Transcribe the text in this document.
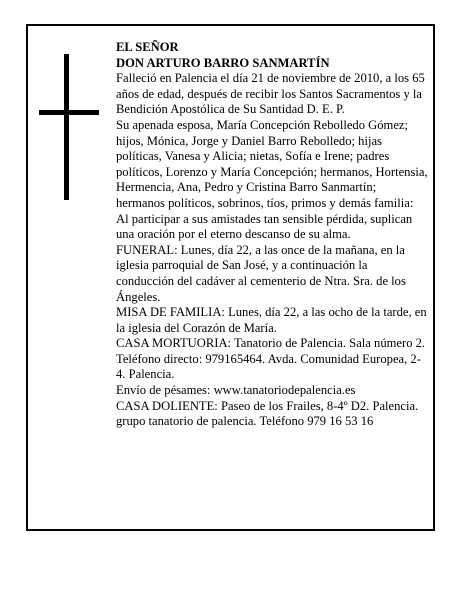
EL SEÑOR

DON ARTURO BARRO SANMARTÍN

Falleció en Palencia el día 21 de noviembre de 2010, a los 65 años de edad, después de recibir los Santos Sacramentos y la Bendición Apostólica de Su Santidad D. E. P.

Su apenada esposa, María Concepción Rebolledo Gómez; hijos, Mónica, Jorge y Daniel Barro Rebolledo; hijas políticas, Vanesa y Alicia; nietas, Sofía e Irene; padres políticos, Lorenzo y María Concepción; hermanos, Hortensia, Hermencia, Ana, Pedro y Cristina Barro Sanmartín; hermanos políticos, sobrinos, tíos, primos y demás familia:

Al participar a sus amistades tan sensible pérdida, suplican una oración por el eterno descanso de su alma.

FUNERAL: Lunes, día 22, a las once de la mañana, en la iglesia parroquial de San José, y a continuación la conducción del cadáver al cementerio de Ntra. Sra. de los Ángeles.

MISA DE FAMILIA: Lunes, día 22, a las ocho de la tarde, en la iglesia del Corazón de María.

CASA MORTUORIA: Tanatorio de Palencia. Sala número 2. Teléfono directo: 979165464. Avda. Comunidad Europea, 2-4. Palencia.

Envío de pésames: www.tanatoriodepalencia.es

CASA DOLIENTE: Paseo de los Frailes, 8-4º D2. Palencia.

grupo tanatorio de palencia. Teléfono 979 16 53 16
